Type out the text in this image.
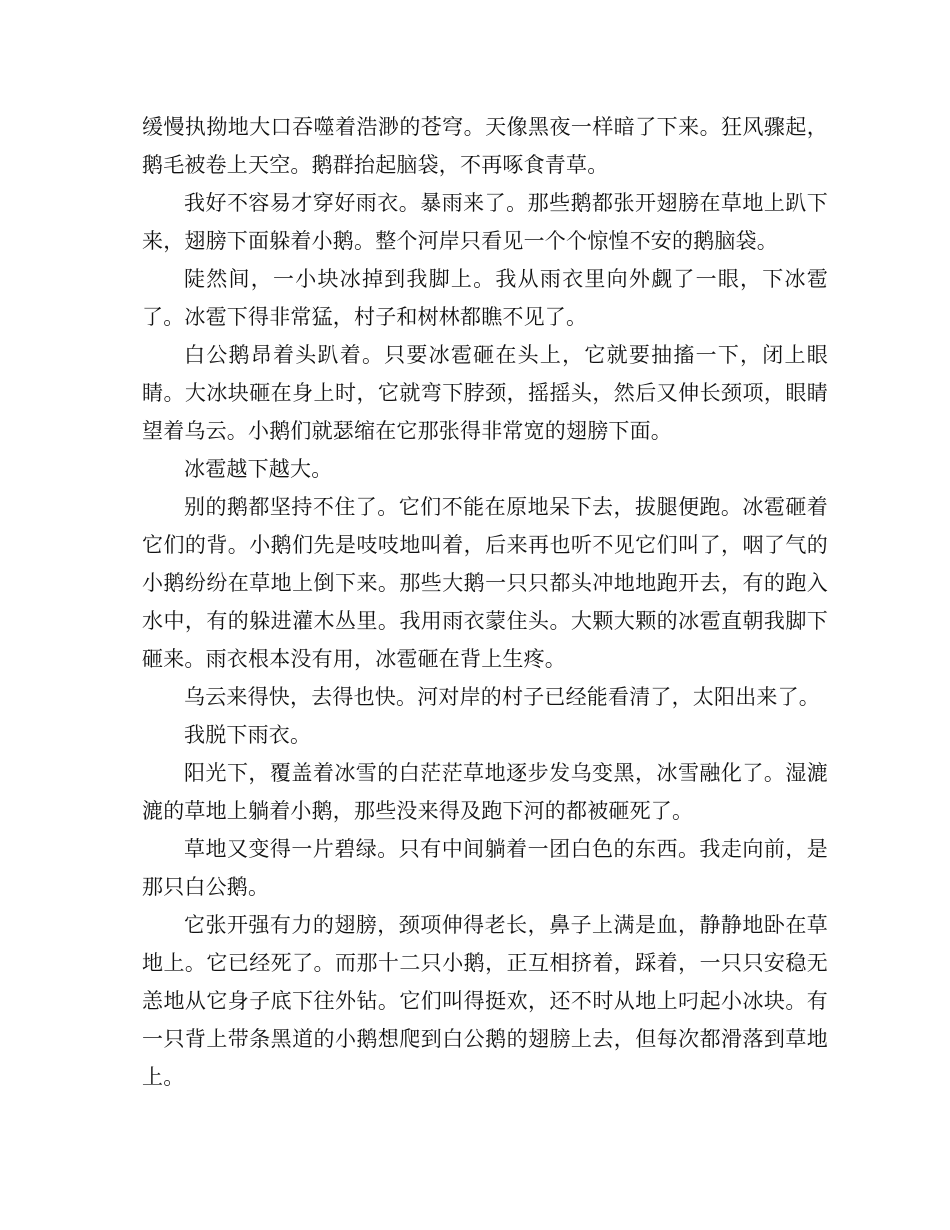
缓慢执拗地大口吞噬着浩渺的苍穹。天像黑夜一样暗了下来。狂风骤起，鹅毛被卷上天空。鹅群抬起脑袋，不再啄食青草。

我好不容易才穿好雨衣。暴雨来了。那些鹅都张开翅膀在草地上趴下来，翅膀下面躲着小鹅。整个河岸只看见一个个惊惶不安的鹅脑袋。

陡然间，一小块冰掉到我脚上。我从雨衣里向外觑了一眼，下冰雹了。冰雹下得非常猛，村子和树林都瞧不见了。

白公鹅昂着头趴着。只要冰雹砸在头上，它就要抽搐一下，闭上眼睛。大冰块砸在身上时，它就弯下脖颈，摇摇头，然后又伸长颈项，眼睛望着乌云。小鹅们就瑟缩在它那张得非常宽的翅膀下面。

冰雹越下越大。

别的鹅都坚持不住了。它们不能在原地呆下去，拔腿便跑。冰雹砸着它们的背。小鹅们先是吱吱地叫着，后来再也听不见它们叫了，咽了气的小鹅纷纷在草地上倒下来。那些大鹅一只只都头冲地地跑开去，有的跑入水中，有的躲进灌木丛里。我用雨衣蒙住头。大颗大颗的冰雹直朝我脚下砸来。雨衣根本没有用，冰雹砸在背上生疼。

乌云来得快，去得也快。河对岸的村子已经能看清了，太阳出来了。

我脱下雨衣。

阳光下，覆盖着冰雪的白茫茫草地逐步发乌变黑，冰雪融化了。湿漉漉的草地上躺着小鹅，那些没来得及跑下河的都被砸死了。

草地又变得一片碧绿。只有中间躺着一团白色的东西。我走向前，是那只白公鹅。

它张开强有力的翅膀，颈项伸得老长，鼻子上满是血，静静地卧在草地上。它已经死了。而那十二只小鹅，正互相挤着，踩着，一只只安稳无恙地从它身子底下往外钻。它们叫得挺欢，还不时从地上叼起小冰块。有一只背上带条黑道的小鹅想爬到白公鹅的翅膀上去，但每次都滑落到草地上。
